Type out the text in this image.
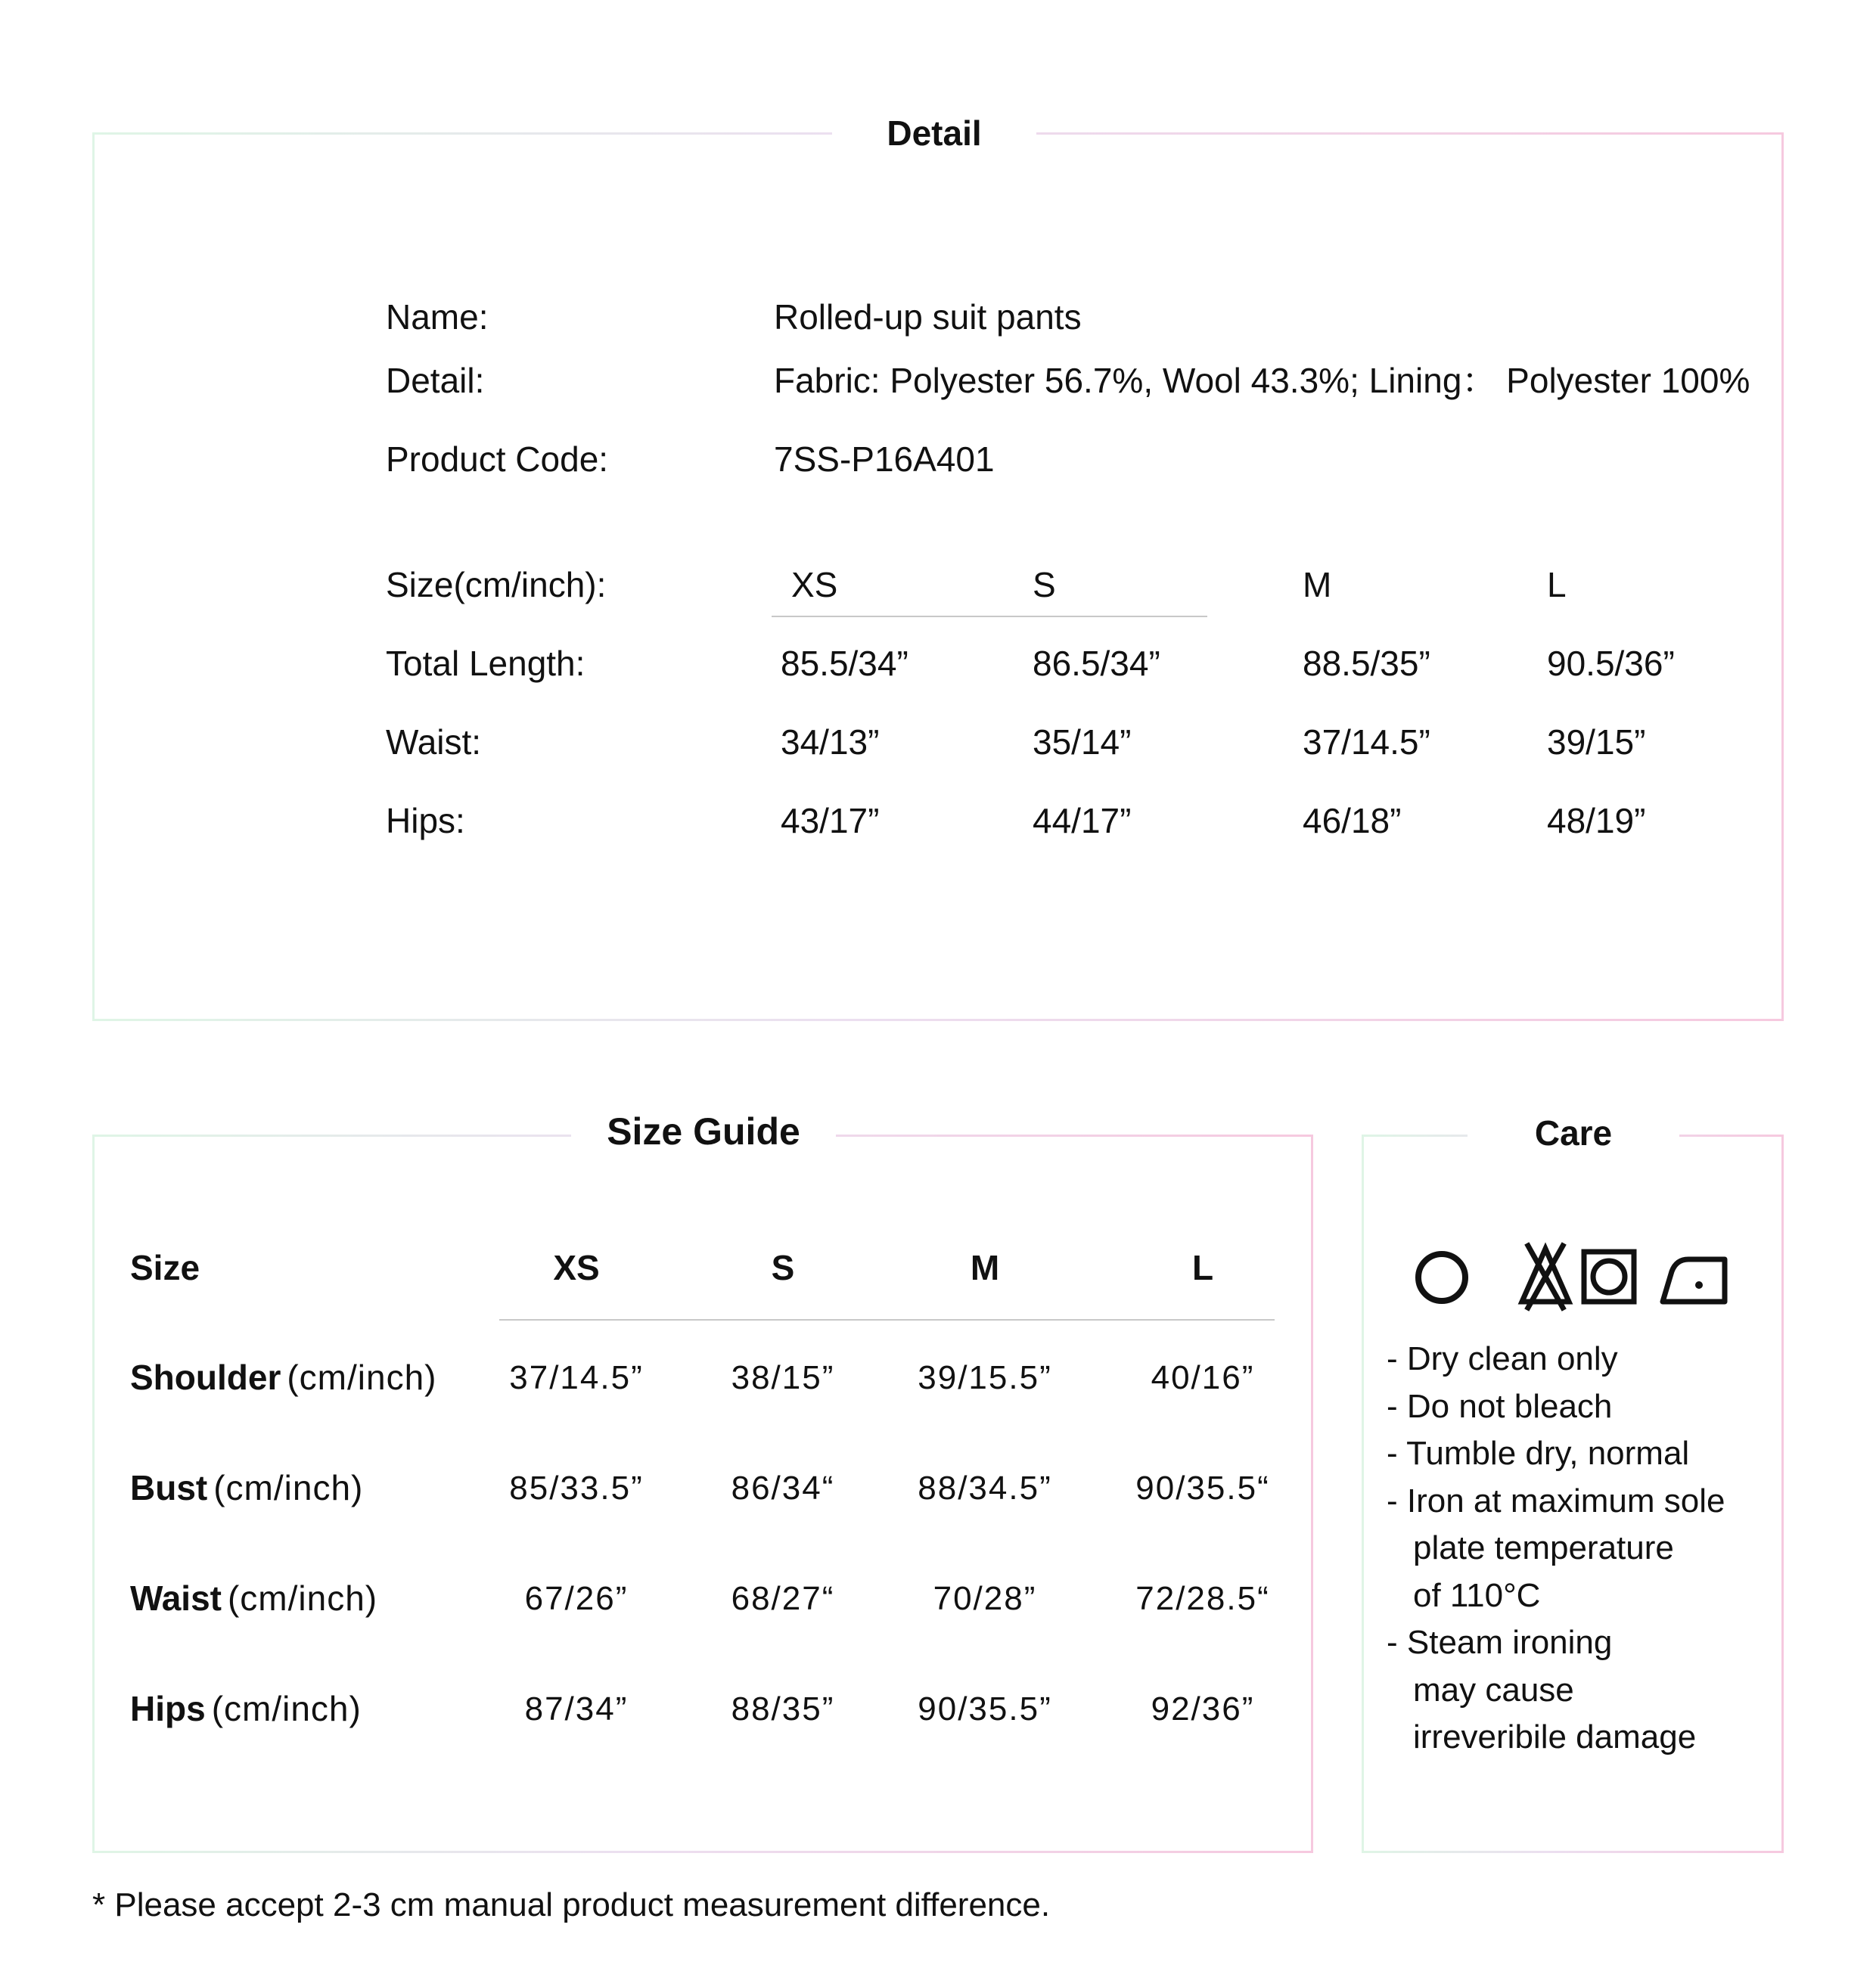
Detail
Name:	Rolled-up suit pants
Detail:	Fabric: Polyester 56.7%, Wool 43.3%; Lining： Polyester 100%
Product Code:	7SS-P16A401
Size(cm/inch):	XS	S	M	L
Total Length:	85.5/34”	86.5/34”	88.5/35”	90.5/36”
Waist:	34/13”	35/14”	37/14.5”	39/15”
Hips:	43/17”	44/17”	46/18”	48/19”
Size Guide
Size	XS	S	M	L
Shoulder (cm/inch)	37/14.5”	38/15”	39/15.5”	40/16”
Bust (cm/inch)	85/33.5”	86/34“	88/34.5”	90/35.5“
Waist (cm/inch)	67/26”	68/27“	70/28”	72/28.5“
Hips (cm/inch)	87/34”	88/35”	90/35.5”	92/36”
Care
- Dry clean only
- Do not bleach
- Tumble dry, normal
- Iron at maximum sole
plate temperature
of 110°C
- Steam ironing
may cause
irreveribile damage
* Please accept 2-3 cm manual product measurement difference.
